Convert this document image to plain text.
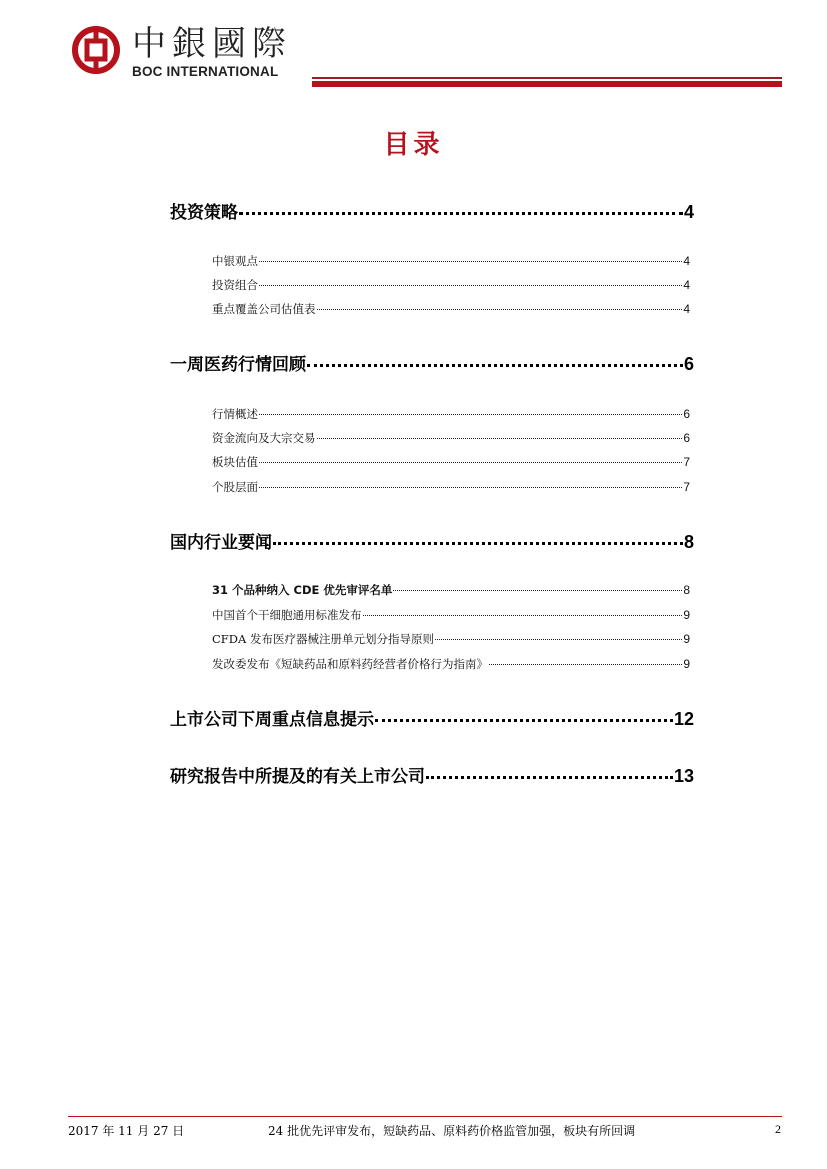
中銀國際
BOC INTERNATIONAL
目录
投资策略	4
中银观点	4
投资组合	4
重点覆盖公司估值表	4
一周医药行情回顾	6
行情概述	6
资金流向及大宗交易	6
板块估值	7
个股层面	7
国内行业要闻	8
31 个品种纳入 CDE 优先审评名单	8
中国首个干细胞通用标准发布	9
CFDA 发布医疗器械注册单元划分指导原则	9
发改委发布《短缺药品和原料药经营者价格行为指南》	9
上市公司下周重点信息提示	12
研究报告中所提及的有关上市公司	13
2017 年 11 月 27 日	24 批优先评审发布，短缺药品、原料药价格监管加强，板块有所回调	2
